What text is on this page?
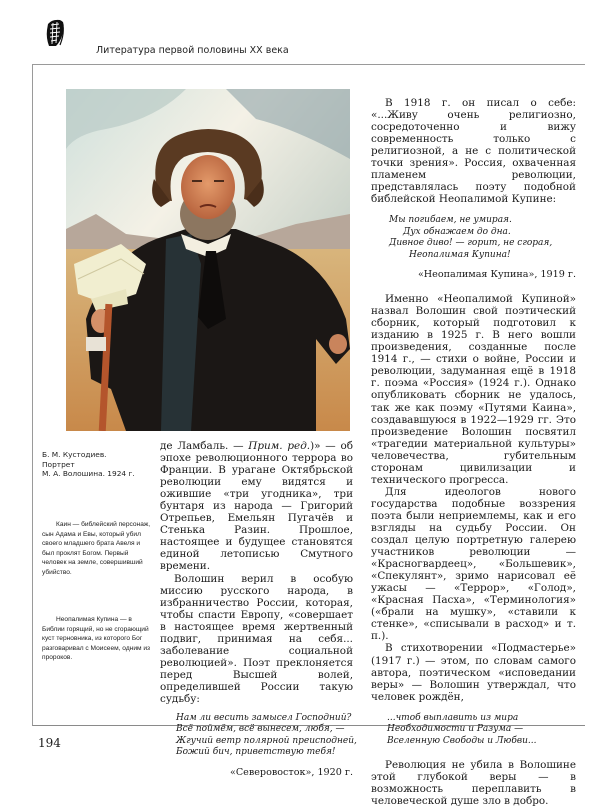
Литература первой половины XX века
Б. М. Кустодиев.
Портрет
М. А. Волошина. 1924 г.
Каин — библейский персонаж, сын Адама и Евы, который убил своего младшего брата Авеля и был проклят Богом. Первый человек на земле, совершивший убийство.
Неопалимая Купина — в Библии горящий, но не сгорающий куст терновника, из которого Бог разговаривал с Моисеем, одним из пророков.

де Ламбаль. — Прим. ред.)» — об эпохе революционного террора во Франции. В урагане Октябрьской революции ему видятся и ожившие «три угодника», три бунтаря из народа — Григорий Отрепьев, Емельян Пугачёв и Стенька Разин. Прошлое, настоящее и будущее становятся единой летописью Смутного времени.

Волошин верил в особую миссию русского народа, в избранничество России, которая, чтобы спасти Европу, «совершает в настоящее время жертвенный подвиг, принимая на себя... заболевание социальной революцией». Поэт преклоняется перед Высшей волей, определившей России такую судьбу:

Нам ли весить замысел Господний?
Всё поймём, всё вынесем, любя, —
Жгучий ветр полярной преисподней,
Божий бич, приветствую тебя!
«Северовосток», 1920 г.

В 1918 г. он писал о себе: «...Живу очень религиозно, сосредоточенно и вижу современность только с религиозной, а не с политической точки зрения». Россия, охваченная пламенем революции, представлялась поэту подобной библейской Неопалимой Купине:

Мы погибаем, не умирая.
Дух обнажаем до дна.
Дивное диво! — горит, не сгорая,
Неопалимая Купина!
«Неопалимая Купина», 1919 г.

Именно «Неопалимой Купиной» назвал Волошин свой поэтический сборник, который подготовил к изданию в 1925 г. В него вошли произведения, созданные после 1914 г., — стихи о войне, России и революции, задуманная ещё в 1918 г. поэма «Россия» (1924 г.). Однако опубликовать сборник не удалось, так же как поэму «Путями Каина», создававшуюся в 1922—1929 гг. Это произведение Волошин посвятил «трагедии материальной культуры» человечества, губительным сторонам цивилизации и технического прогресса.

Для идеологов нового государства подобные воззрения поэта были неприемлемы, как и его взгляды на судьбу России. Он создал целую портретную галерею участников революции — «Красногвардеец», «Большевик», «Спекулянт», зримо нарисовал её ужасы — «Террор», «Голод», «Красная Пасха», «Терминология» («брали на мушку», «ставили к стенке», «списывали в расход» и т. п.).

В стихотворении «Подмастерье» (1917 г.) — этом, по словам самого автора, поэтическом «исповедании веры» — Волошин утверждал, что человек рождён,

...чтоб выплавить из мира
Необходимости и Разума —
Вселенную Свободы и Любви...

Революция не убила в Волошине этой глубокой веры — в возможность переплавить в человеческой душе зло в добро.

194
